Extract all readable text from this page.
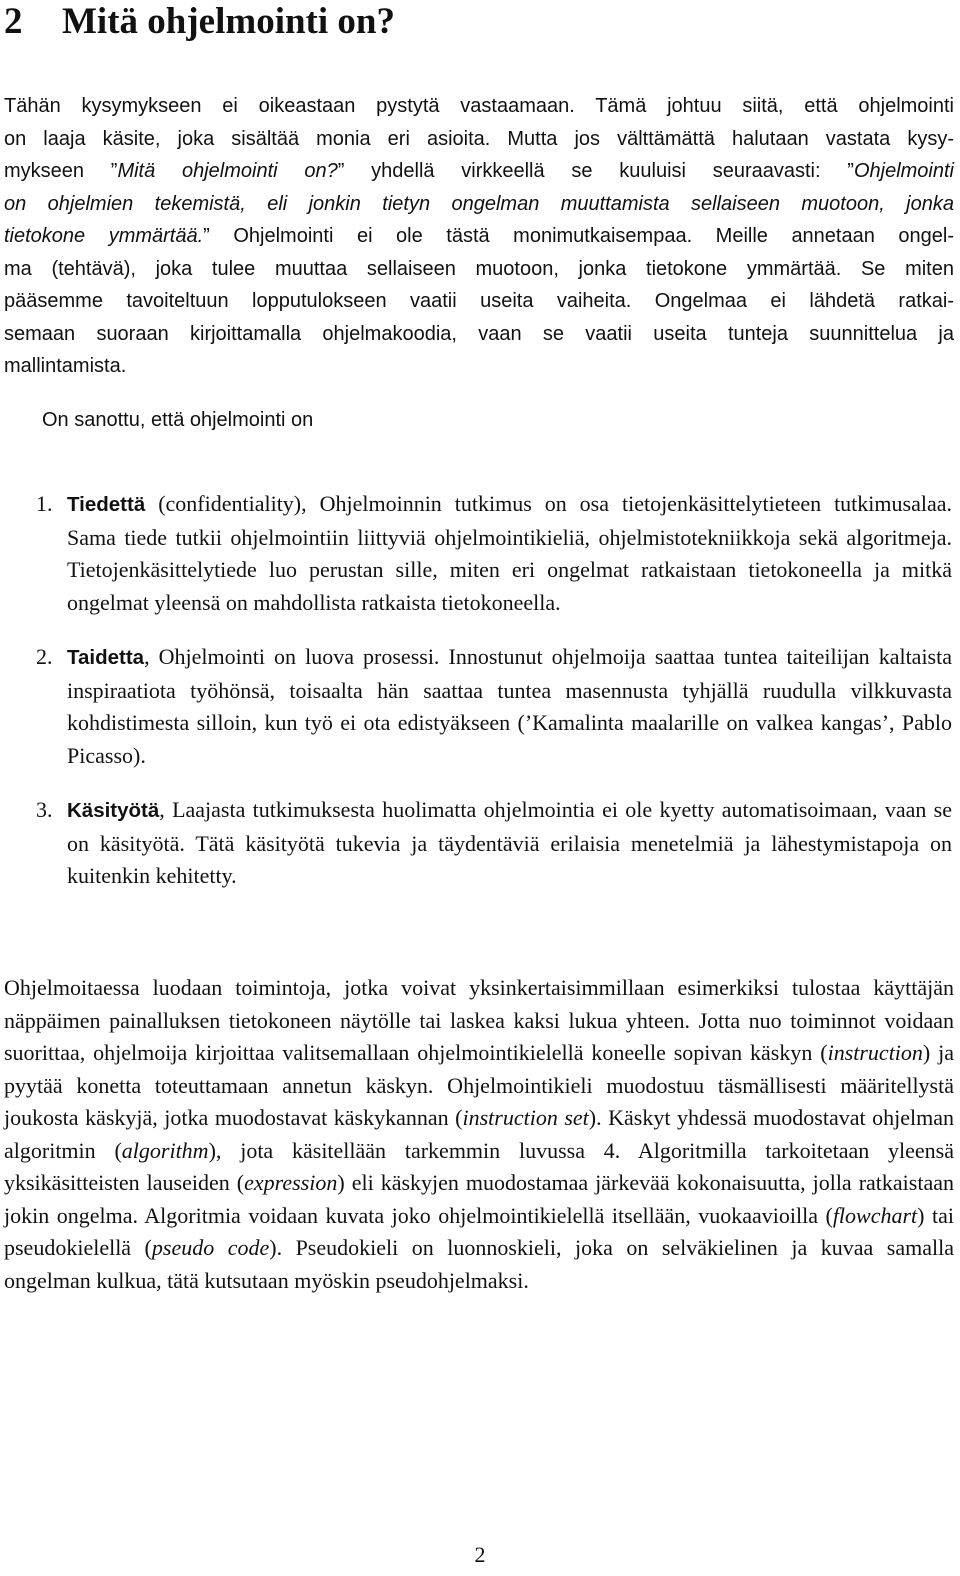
2 Mitä ohjelmointi on?

Tähän kysymykseen ei oikeastaan pystytä vastaamaan. Tämä johtuu siitä, että ohjelmointi
on laaja käsite, joka sisältää monia eri asioita. Mutta jos välttämättä halutaan vastata kysy-
mykseen ”Mitä ohjelmointi on?” yhdellä virkkeellä se kuuluisi seuraavasti: ”Ohjelmointi
on ohjelmien tekemistä, eli jonkin tietyn ongelman muuttamista sellaiseen muotoon, jonka
tietokone ymmärtää.” Ohjelmointi ei ole tästä monimutkaisempaa. Meille annetaan ongel-
ma (tehtävä), joka tulee muuttaa sellaiseen muotoon, jonka tietokone ymmärtää. Se miten
pääsemme tavoiteltuun lopputulokseen vaatii useita vaiheita. Ongelmaa ei lähdetä ratkai-
semaan suoraan kirjoittamalla ohjelmakoodia, vaan se vaatii useita tunteja suunnittelua ja
mallintamista.

On sanottu, että ohjelmointi on

1. Tiedettä (confidentiality), Ohjelmoinnin tutkimus on osa tietojenkäsittelytieteen tutkimusalaa. Sama tiede tutkii ohjelmointiin liittyviä ohjelmointikieliä, ohjelmistotekniikkoja sekä algoritmeja. Tietojenkäsittelytiede luo perustan sille, miten eri ongelmat ratkaistaan tietokoneella ja mitkä ongelmat yleensä on mahdollista ratkaista tietokoneella.
2. Taidetta, Ohjelmointi on luova prosessi. Innostunut ohjelmoija saattaa tuntea taiteilijan kaltaista inspiraatiota työhönsä, toisaalta hän saattaa tuntea masennusta tyhjällä ruudulla vilkkuvasta kohdistimesta silloin, kun työ ei ota edistyäkseen (’Kamalinta maalarille on valkea kangas’, Pablo Picasso).
3. Käsityötä, Laajasta tutkimuksesta huolimatta ohjelmointia ei ole kyetty automatisoimaan, vaan se on käsityötä. Tätä käsityötä tukevia ja täydentäviä erilaisia menetelmiä ja lähestymistapoja on kuitenkin kehitetty.

Ohjelmoitaessa luodaan toimintoja, jotka voivat yksinkertaisimmillaan esimerkiksi tulostaa käyttäjän näppäimen painalluksen tietokoneen näytölle tai laskea kaksi lukua yhteen. Jotta nuo toiminnot voidaan suorittaa, ohjelmoija kirjoittaa valitsemallaan ohjelmointikielellä koneelle sopivan käskyn (instruction) ja pyytää konetta toteuttamaan annetun käskyn. Ohjelmointikieli muodostuu täsmällisesti määritellystä joukosta käskyjä, jotka muodostavat käskykannan (instruction set). Käskyt yhdessä muodostavat ohjelman algoritmin (algorithm), jota käsitellään tarkemmin luvussa 4. Algoritmilla tarkoitetaan yleensä yksikäsitteisten lauseiden (expression) eli käskyjen muodostamaa järkevää kokonaisuutta, jolla ratkaistaan jokin ongelma. Algoritmia voidaan kuvata joko ohjelmointikielellä itsellään, vuokaavioilla (flowchart) tai pseudokielellä (pseudo code). Pseudokieli on luonnoskieli, joka on selväkielinen ja kuvaa samalla ongelman kulkua, tätä kutsutaan myöskin pseudohjelmaksi.

2
